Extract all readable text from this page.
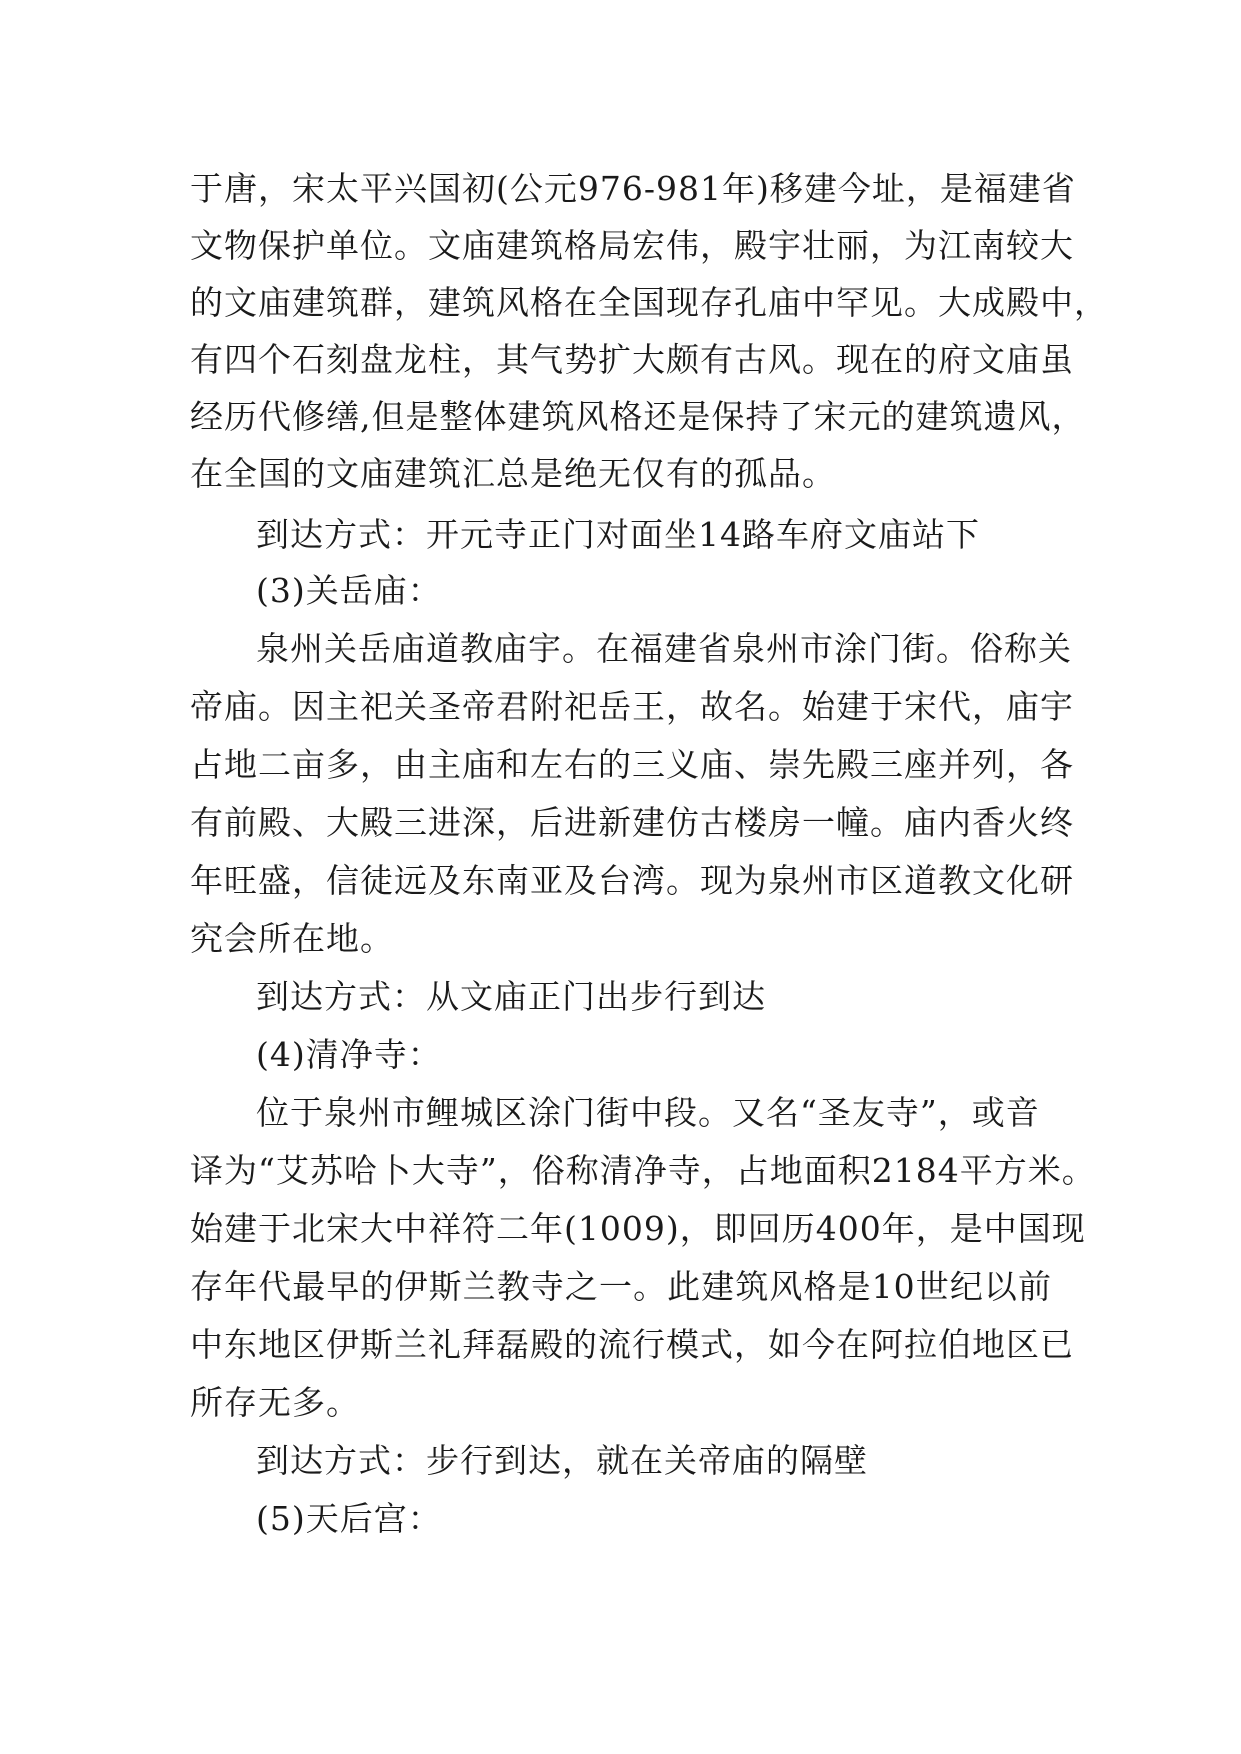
于唐，宋太平兴国初(公元976-981年)移建今址，是福建省
文物保护单位。文庙建筑格局宏伟，殿宇壮丽，为江南较大
的文庙建筑群，建筑风格在全国现存孔庙中罕见。大成殿中，
有四个石刻盘龙柱，其气势扩大颇有古风。现在的府文庙虽
经历代修缮,但是整体建筑风格还是保持了宋元的建筑遗风，
在全国的文庙建筑汇总是绝无仅有的孤品。
到达方式：开元寺正门对面坐14路车府文庙站下
(3)关岳庙：
泉州关岳庙道教庙宇。在福建省泉州市涂门街。俗称关
帝庙。因主祀关圣帝君附祀岳王，故名。始建于宋代，庙宇
占地二亩多，由主庙和左右的三义庙、崇先殿三座并列，各
有前殿、大殿三进深，后进新建仿古楼房一幢。庙内香火终
年旺盛，信徒远及东南亚及台湾。现为泉州市区道教文化研
究会所在地。
到达方式：从文庙正门出步行到达
(4)清净寺：
位于泉州市鲤城区涂门街中段。又名“圣友寺”，或音
译为“艾苏哈卜大寺”，俗称清净寺，占地面积2184平方米。
始建于北宋大中祥符二年(1009)，即回历400年，是中国现
存年代最早的伊斯兰教寺之一。此建筑风格是10世纪以前
中东地区伊斯兰礼拜磊殿的流行模式，如今在阿拉伯地区已
所存无多。
到达方式：步行到达，就在关帝庙的隔壁
(5)天后宫：
